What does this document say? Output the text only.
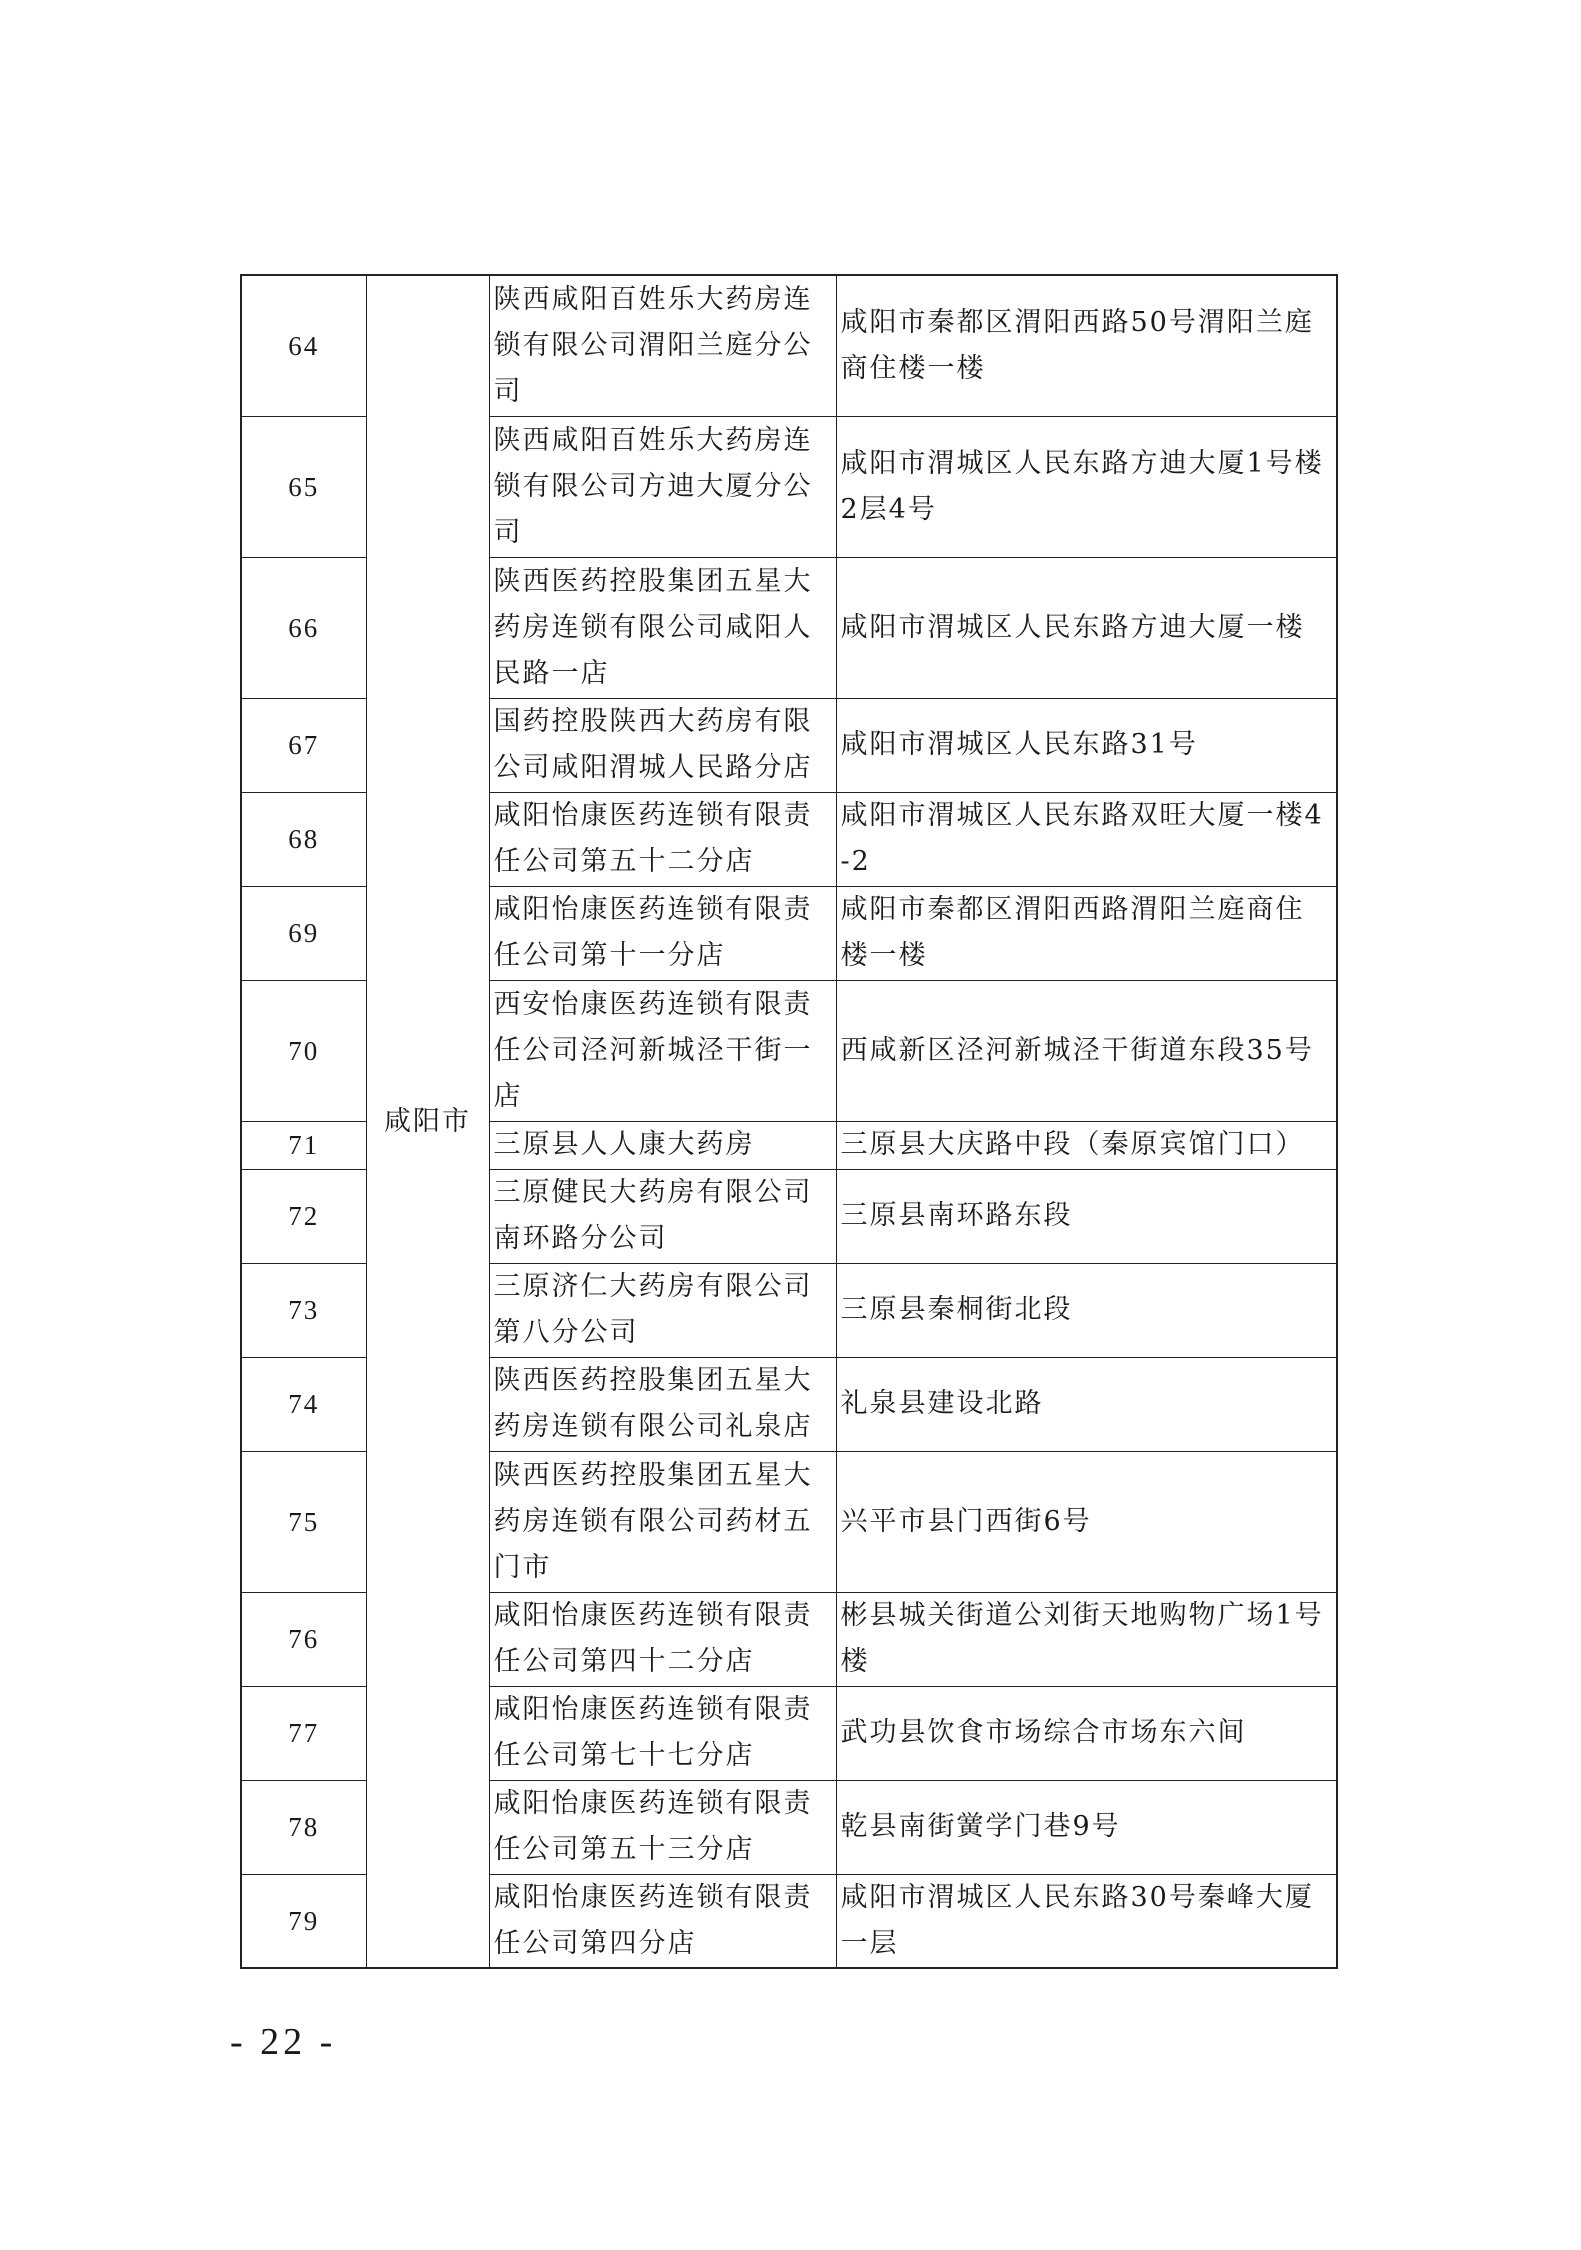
64	咸阳市	陕西咸阳百姓乐大药房连锁有限公司渭阳兰庭分公司	咸阳市秦都区渭阳西路50号渭阳兰庭商住楼一楼
65		陕西咸阳百姓乐大药房连锁有限公司方迪大厦分公司	咸阳市渭城区人民东路方迪大厦1号楼2层4号
66		陕西医药控股集团五星大药房连锁有限公司咸阳人民路一店	咸阳市渭城区人民东路方迪大厦一楼
67		国药控股陕西大药房有限公司咸阳渭城人民路分店	咸阳市渭城区人民东路31号
68		咸阳怡康医药连锁有限责任公司第五十二分店	咸阳市渭城区人民东路双旺大厦一楼4-2
69		咸阳怡康医药连锁有限责任公司第十一分店	咸阳市秦都区渭阳西路渭阳兰庭商住楼一楼
70		西安怡康医药连锁有限责任公司泾河新城泾干街一店	西咸新区泾河新城泾干街道东段35号
71		三原县人人康大药房	三原县大庆路中段（秦原宾馆门口）
72		三原健民大药房有限公司南环路分公司	三原县南环路东段
73		三原济仁大药房有限公司第八分公司	三原县秦桐街北段
74		陕西医药控股集团五星大药房连锁有限公司礼泉店	礼泉县建设北路
75		陕西医药控股集团五星大药房连锁有限公司药材五门市	兴平市县门西街6号
76		咸阳怡康医药连锁有限责任公司第四十二分店	彬县城关街道公刘街天地购物广场1号楼
77		咸阳怡康医药连锁有限责任公司第七十七分店	武功县饮食市场综合市场东六间
78		咸阳怡康医药连锁有限责任公司第五十三分店	乾县南街黉学门巷9号
79		咸阳怡康医药连锁有限责任公司第四分店	咸阳市渭城区人民东路30号秦峰大厦一层
- 22 -
